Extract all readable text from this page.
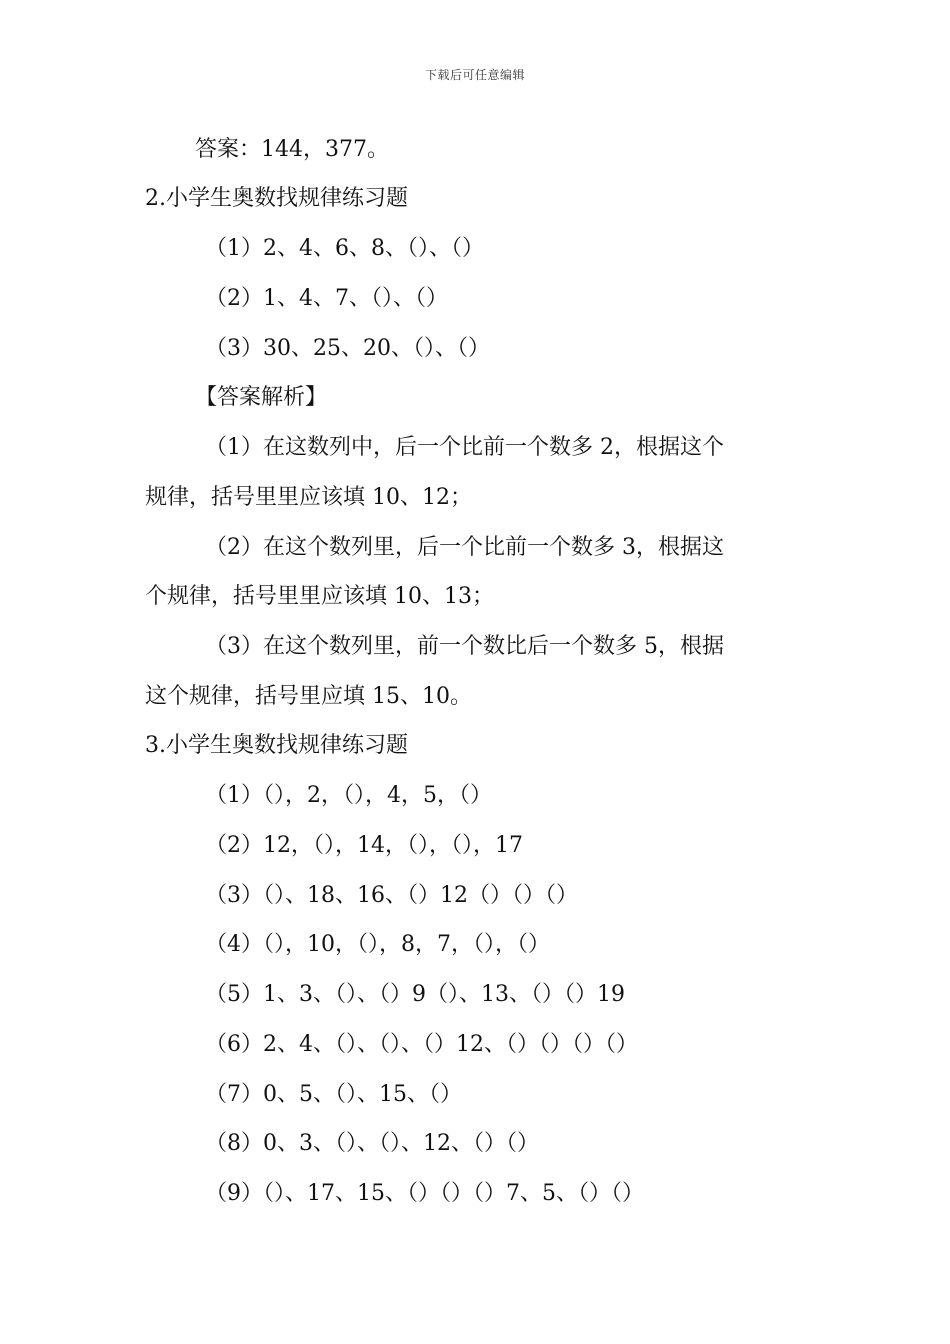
下载后可任意编辑
答案：144，377。
2.小学生奥数找规律练习题
（1）2、4、6、8、（）、（）
（2）1、4、7、（）、（）
（3）30、25、20、（）、（）
【答案解析】
（1）在这数列中，后一个比前一个数多 2，根据这个
规律，括号里里应该填 10、12；
（2）在这个数列里，后一个比前一个数多 3，根据这
个规律，括号里里应该填 10、13；
（3）在这个数列里，前一个数比后一个数多 5，根据
这个规律，括号里应填 15、10。
3.小学生奥数找规律练习题
（1）（），2，（），4，5，（）
（2）12，（），14，（），（），17
（3）（）、18、16、（）12（）（）（）
（4）（），10，（），8，7，（），（）
（5）1、3、（）、（）9（）、13、（）（）19
（6）2、4、（）、（）、（）12、（）（）（）（）
（7）0、5、（）、15、（）
（8）0、3、（）、（）、12、（）（）
（9）（）、17、15、（）（）（）7、5、（）（）
